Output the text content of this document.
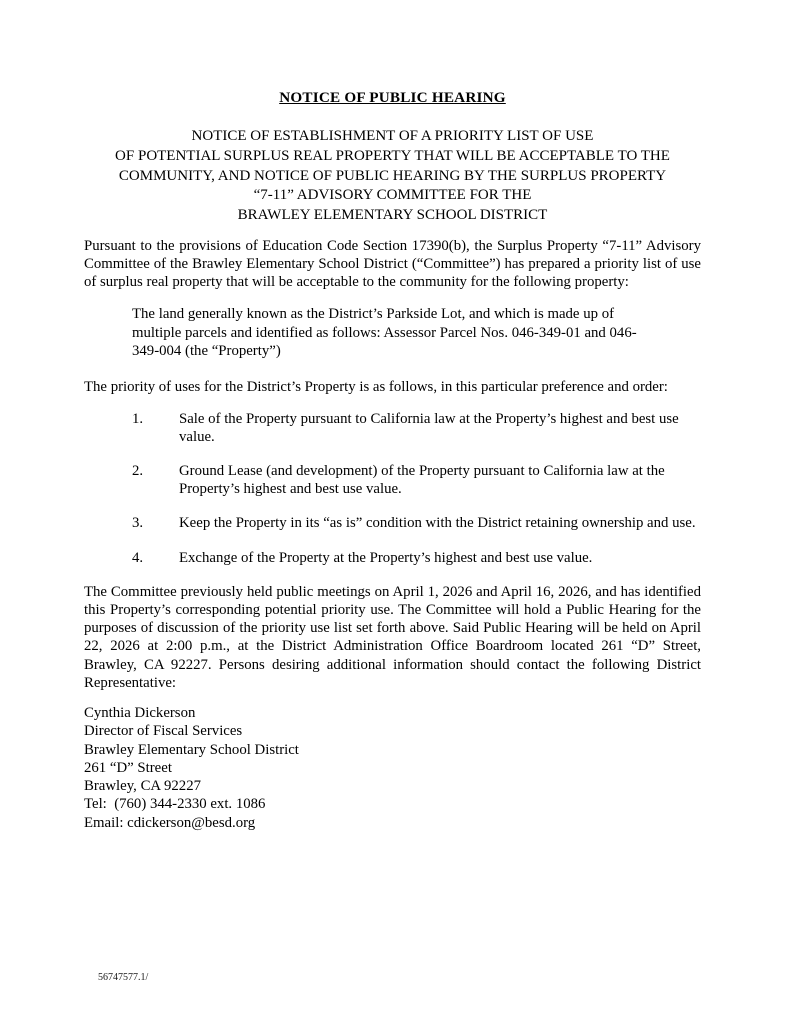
NOTICE OF PUBLIC HEARING
NOTICE OF ESTABLISHMENT OF A PRIORITY LIST OF USE
OF POTENTIAL SURPLUS REAL PROPERTY THAT WILL BE ACCEPTABLE TO THE
COMMUNITY, AND NOTICE OF PUBLIC HEARING BY THE SURPLUS PROPERTY
“7-11” ADVISORY COMMITTEE FOR THE
BRAWLEY ELEMENTARY SCHOOL DISTRICT

Pursuant to the provisions of Education Code Section 17390(b), the Surplus Property “7-11” Advisory Committee of the Brawley Elementary School District (“Committee”) has prepared a priority list of use of surplus real property that will be acceptable to the community for the following property:

The land generally known as the District’s Parkside Lot, and which is made up of multiple parcels and identified as follows: Assessor Parcel Nos. 046-349-01 and 046-349-004 (the “Property”)

The priority of uses for the District’s Property is as follows, in this particular preference and order:

1.	Sale of the Property pursuant to California law at the Property’s highest and best use value.
2.	Ground Lease (and development) of the Property pursuant to California law at the Property’s highest and best use value.
3.	Keep the Property in its “as is” condition with the District retaining ownership and use.
4.	Exchange of the Property at the Property’s highest and best use value.

The Committee previously held public meetings on April 1, 2026 and April 16, 2026, and has identified this Property’s corresponding potential priority use. The Committee will hold a Public Hearing for the purposes of discussion of the priority use list set forth above. Said Public Hearing will be held on April 22, 2026 at 2:00 p.m., at the District Administration Office Boardroom located 261 “D” Street, Brawley, CA 92227. Persons desiring additional information should contact the following District Representative:

Cynthia Dickerson
Director of Fiscal Services
Brawley Elementary School District
261 “D” Street
Brawley, CA 92227
Tel:  (760) 344-2330 ext. 1086
Email: cdickerson@besd.org
56747577.1/
